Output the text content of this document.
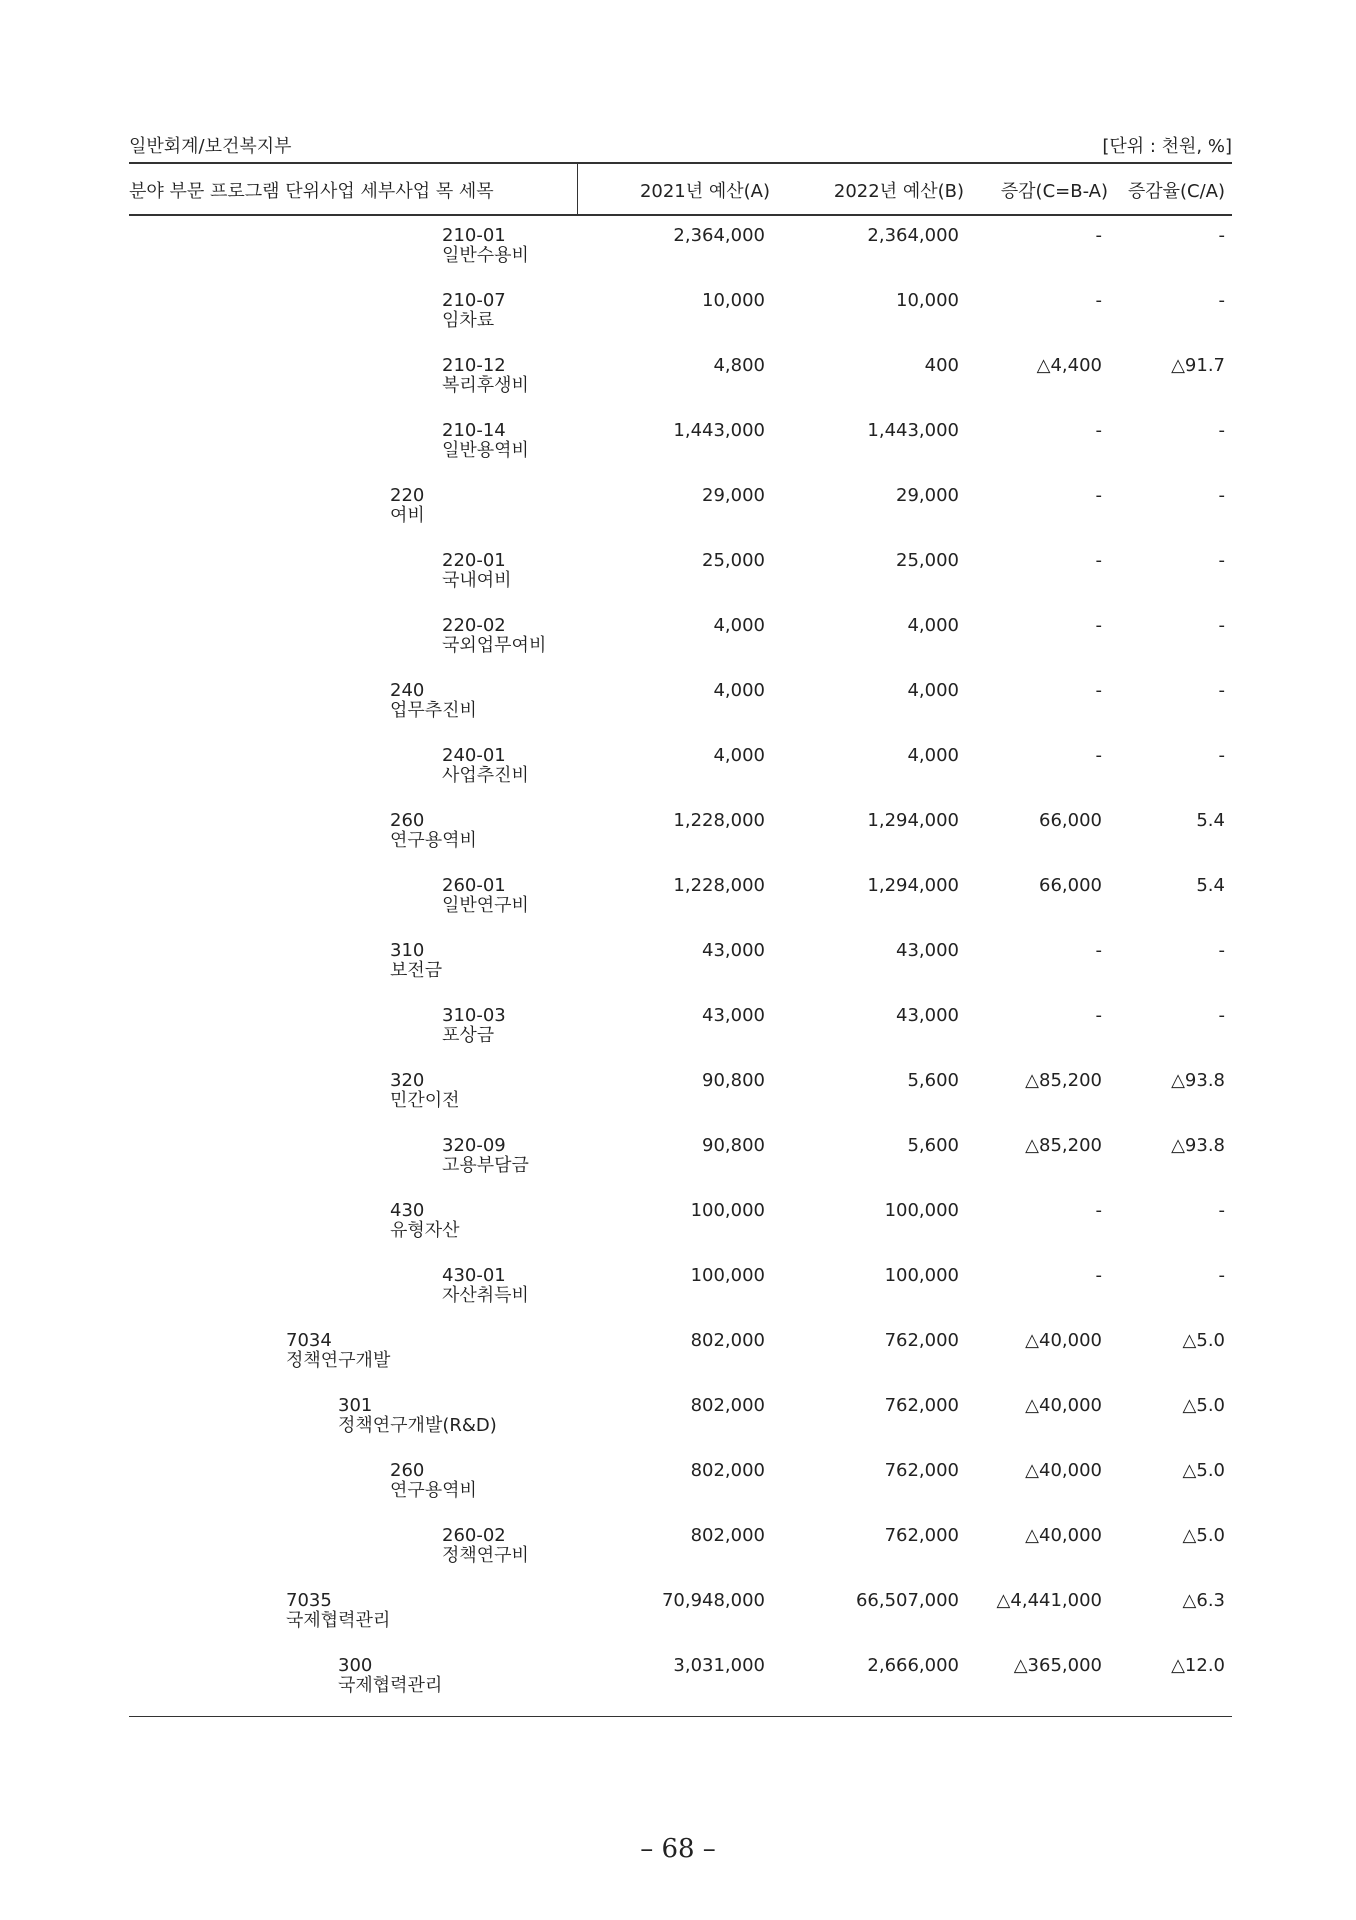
일반회계/보건복지부	[단위 : 천원, %]
분야 부문 프로그램 단위사업 세부사업 목 세목	2021년 예산(A)	2022년 예산(B) 증감(C=B-A) 증감율(C/A)
210-01
일반수용비
2,364,000	2,364,000	-	-
210-07
임차료
10,000	10,000	-	-
210-12
복리후생비
4,800	400	△4,400	△91.7
210-14
일반용역비
1,443,000	1,443,000	-	-
220
여비
29,000	29,000	-	-
220-01
국내여비
25,000	25,000	-	-
220-02
국외업무여비
4,000	4,000	-	-
240
업무추진비
4,000	4,000	-	-
240-01
사업추진비
4,000	4,000	-	-
260
연구용역비
1,228,000	1,294,000	66,000	5.4
260-01
일반연구비
1,228,000	1,294,000	66,000	5.4
310
보전금
43,000	43,000	-	-
310-03
포상금
43,000	43,000	-	-
320
민간이전
90,800	5,600	△85,200	△93.8
320-09
고용부담금
90,800	5,600	△85,200	△93.8
430
유형자산
100,000	100,000	-	-
430-01
자산취득비
100,000	100,000	-	-
7034
정책연구개발
802,000	762,000	△40,000	△5.0
301
정책연구개발(R&D)
802,000	762,000	△40,000	△5.0
260
연구용역비
802,000	762,000	△40,000	△5.0
260-02
정책연구비
802,000	762,000	△40,000	△5.0
7035
국제협력관리
70,948,000	66,507,000 △4,441,000	△6.3
300
국제협력관리
3,031,000	2,666,000	△365,000	△12.0
– 68 –
